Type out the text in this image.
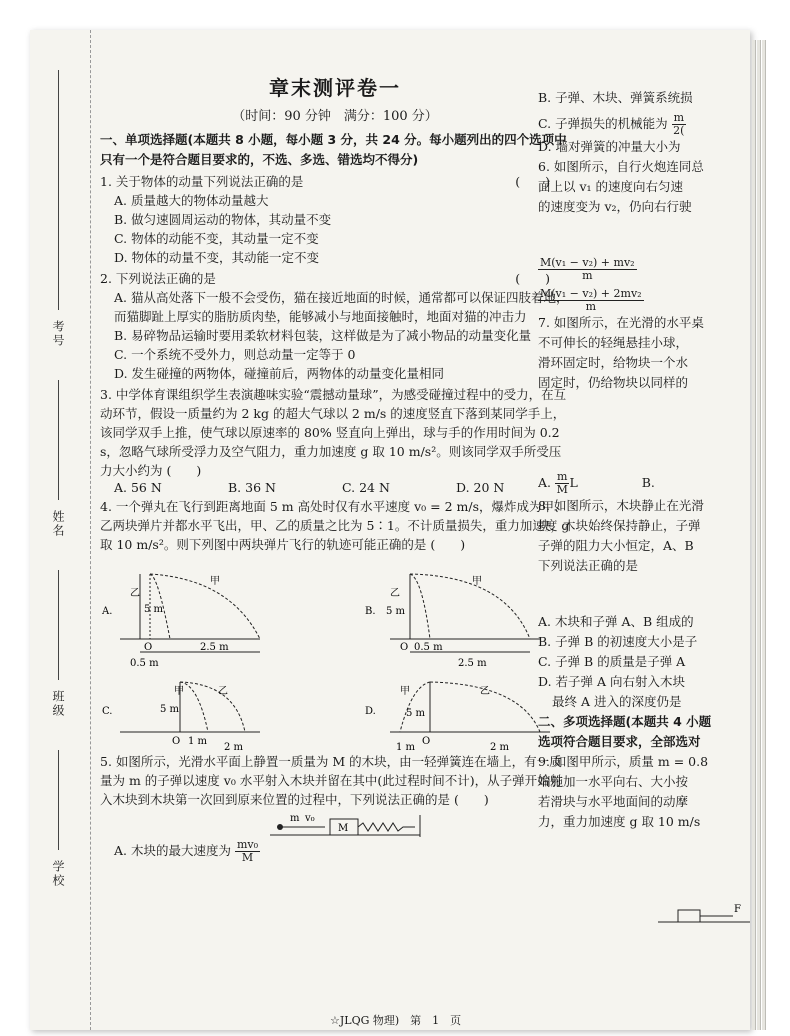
考号
姓名
班级
学校
章末测评卷一
（时间：90 分钟　满分：100 分）
一、单项选择题(本题共 8 小题，每小题 3 分，共 24 分。每小题列出的四个选项中只有一个是符合题目要求的，不选、多选、错选均不得分)
(　　)
1. 关于物体的动量下列说法正确的是
A. 质量越大的物体动量越大
B. 做匀速圆周运动的物体，其动量不变
C. 物体的动能不变，其动量一定不变
D. 物体的动量不变，其动能一定不变
(　　)
2. 下列说法正确的是
A. 猫从高处落下一般不会受伤，猫在接近地面的时候，通常都可以保证四肢着地，而猫脚趾上厚实的脂肪质肉垫，能够减小与地面接触时，地面对猫的冲击力
B. 易碎物品运输时要用柔软材料包装，这样做是为了减小物品的动量变化量
C. 一个系统不受外力，则总动量一定等于 0
D. 发生碰撞的两物体，碰撞前后，两物体的动量变化量相同
3. 中学体育课组织学生表演趣味实验“震撼动量球”，为感受碰撞过程中的受力，在互动环节，假设一质量约为 2 kg 的超大气球以 2 m/s 的速度竖直下落到某同学手上，该同学双手上推，使气球以原速率的 80% 竖直向上弹出，球与手的作用时间为 0.2 s，忽略气球所受浮力及空气阻力，重力加速度 g 取 10 m/s²。则该同学双手所受压力大小约为 (　　)
A. 56 N	B. 36 N	C. 24 N	D. 20 N
4. 一个弹丸在飞行到距离地面 5 m 高处时仅有水平速度 v₀ = 2 m/s，爆炸成为甲、乙两块弹片并都水平飞出，甲、乙的质量之比为 5∶1。不计质量损失，重力加速度 g 取 10 m/s²。则下列图中两块弹片飞行的轨迹可能正确的是 (　　)
A.
乙
甲
5 m
O
0.5 m
2.5 m
B.
乙
甲
5 m
O 0.5 m
2.5 m
C.
甲	乙
5 m
O 1 m
2 m
D.
甲	乙
5 m
O
1 m	2 m
5. 如图所示，光滑水平面上静置一质量为 M 的木块，由一轻弹簧连在墙上，有一质量为 m 的子弹以速度 v₀ 水平射入木块并留在其中(此过程时间不计)，从子弹开始射入木块到木块第一次回到原来位置的过程中，下列说法正确的是 (　　)
m v₀
M
A. 木块的最大速度为 $\frac{\text{mv₀}}{M}$
B. 子弹、木块、弹簧系统损
C. 子弹损失的机械能为 $\frac{m}{2(}$
D. 墙对弹簧的冲量大小为
6. 如图所示，自行火炮连同总
面上以 v₁ 的速度向右匀速
的速度变为 v₂，仍向右行驶
$\frac{\text{M(v₁ − v₂) + mv₂}}{m}$
$\frac{\text{M(v₁ − v₂) + 2mv₂}}{m}$
7. 如图所示，在光滑的水平桌
不可伸长的轻绳悬挂小球，
滑环固定时，给物块一个水
固定时，仍给物块以同样的
A. $\frac{m}{M}$ L	B.
8. 如图所示，木块静止在光滑
块，木块始终保持静止，子弹
子弹的阻力大小恒定，A、B
下列说法正确的是
A. 木块和子弹 A、B 组成的
B. 子弹 B 的初速度大小是子
C. 子弹 B 的质量是子弹 A
D. 若子弹 A 向右射入木块
最终 A 进入的深度仍是
二、多项选择题(本题共 4 小题
选项符合题目要求，全部选对
9. 如图甲所示，质量 m = 0.8
端施加一水平向右、大小按
若滑块与水平地面间的动摩
力，重力加速度 g 取 10 m/s
F
☆JLQG 物理)　第　1　页
